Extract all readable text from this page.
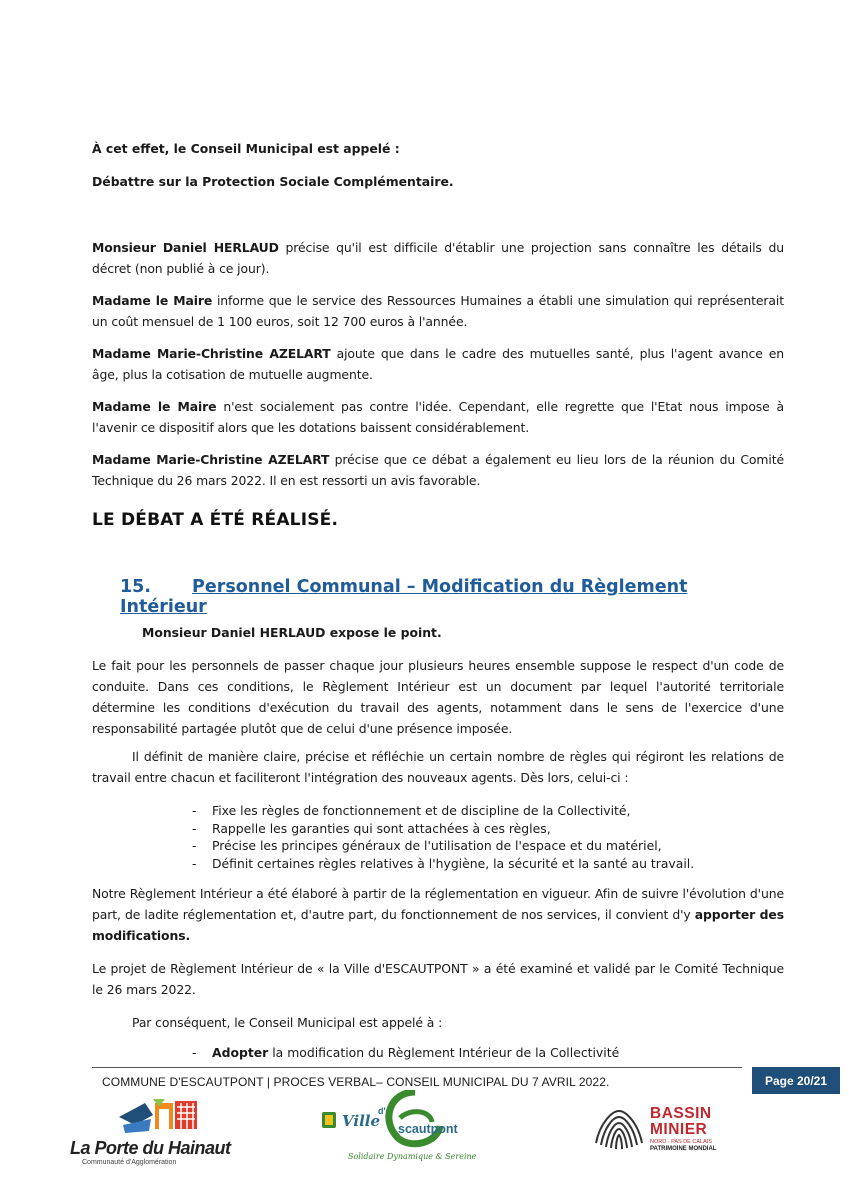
À cet effet, le Conseil Municipal est appelé :
Débattre sur la Protection Sociale Complémentaire.

Monsieur Daniel HERLAUD précise qu'il est difficile d'établir une projection sans connaître les détails du décret (non publié à ce jour).

Madame le Maire informe que le service des Ressources Humaines a établi une simulation qui représenterait un coût mensuel de 1 100 euros, soit 12 700 euros à l'année.

Madame Marie-Christine AZELART ajoute que dans le cadre des mutuelles santé, plus l'agent avance en âge, plus la cotisation de mutuelle augmente.

Madame le Maire n'est socialement pas contre l'idée. Cependant, elle regrette que l'Etat nous impose à l'avenir ce dispositif alors que les dotations baissent considérablement.

Madame Marie-Christine AZELART précise que ce débat a également eu lieu lors de la réunion du Comité Technique du 26 mars 2022. Il en est ressorti un avis favorable.

LE DÉBAT A ÉTÉ RÉALISÉ.
15. Personnel Communal – Modification du Règlement Intérieur
Monsieur Daniel HERLAUD expose le point.

Le fait pour les personnels de passer chaque jour plusieurs heures ensemble suppose le respect d'un code de conduite. Dans ces conditions, le Règlement Intérieur est un document par lequel l'autorité territoriale détermine les conditions d'exécution du travail des agents, notamment dans le sens de l'exercice d'une responsabilité partagée plutôt que de celui d'une présence imposée.

Il définit de manière claire, précise et réfléchie un certain nombre de règles qui régiront les relations de travail entre chacun et faciliteront l'intégration des nouveaux agents. Dès lors, celui-ci :

- Fixe les règles de fonctionnement et de discipline de la Collectivité,
- Rappelle les garanties qui sont attachées à ces règles,
- Précise les principes généraux de l'utilisation de l'espace et du matériel,
- Définit certaines règles relatives à l'hygiène, la sécurité et la santé au travail.

Notre Règlement Intérieur a été élaboré à partir de la réglementation en vigueur. Afin de suivre l'évolution d'une part, de ladite réglementation et, d'autre part, du fonctionnement de nos services, il convient d'y apporter des modifications.

Le projet de Règlement Intérieur de « la Ville d'ESCAUTPONT » a été examiné et validé par le Comité Technique le 26 mars 2022.

Par conséquent, le Conseil Municipal est appelé à :

- Adopter la modification du Règlement Intérieur de la Collectivité
COMMUNE D'ESCAUTPONT | PROCES VERBAL– CONSEIL MUNICIPAL DU 7 AVRIL 2022.	Page 20/21
La Porte du Hainaut
Communauté d'Agglomération
d'
Ville scautpont
Solidaire Dynamique & Sereine
BASSIN
MINIER
NORD - PAS DE CALAIS
PATRIMOINE MONDIAL
